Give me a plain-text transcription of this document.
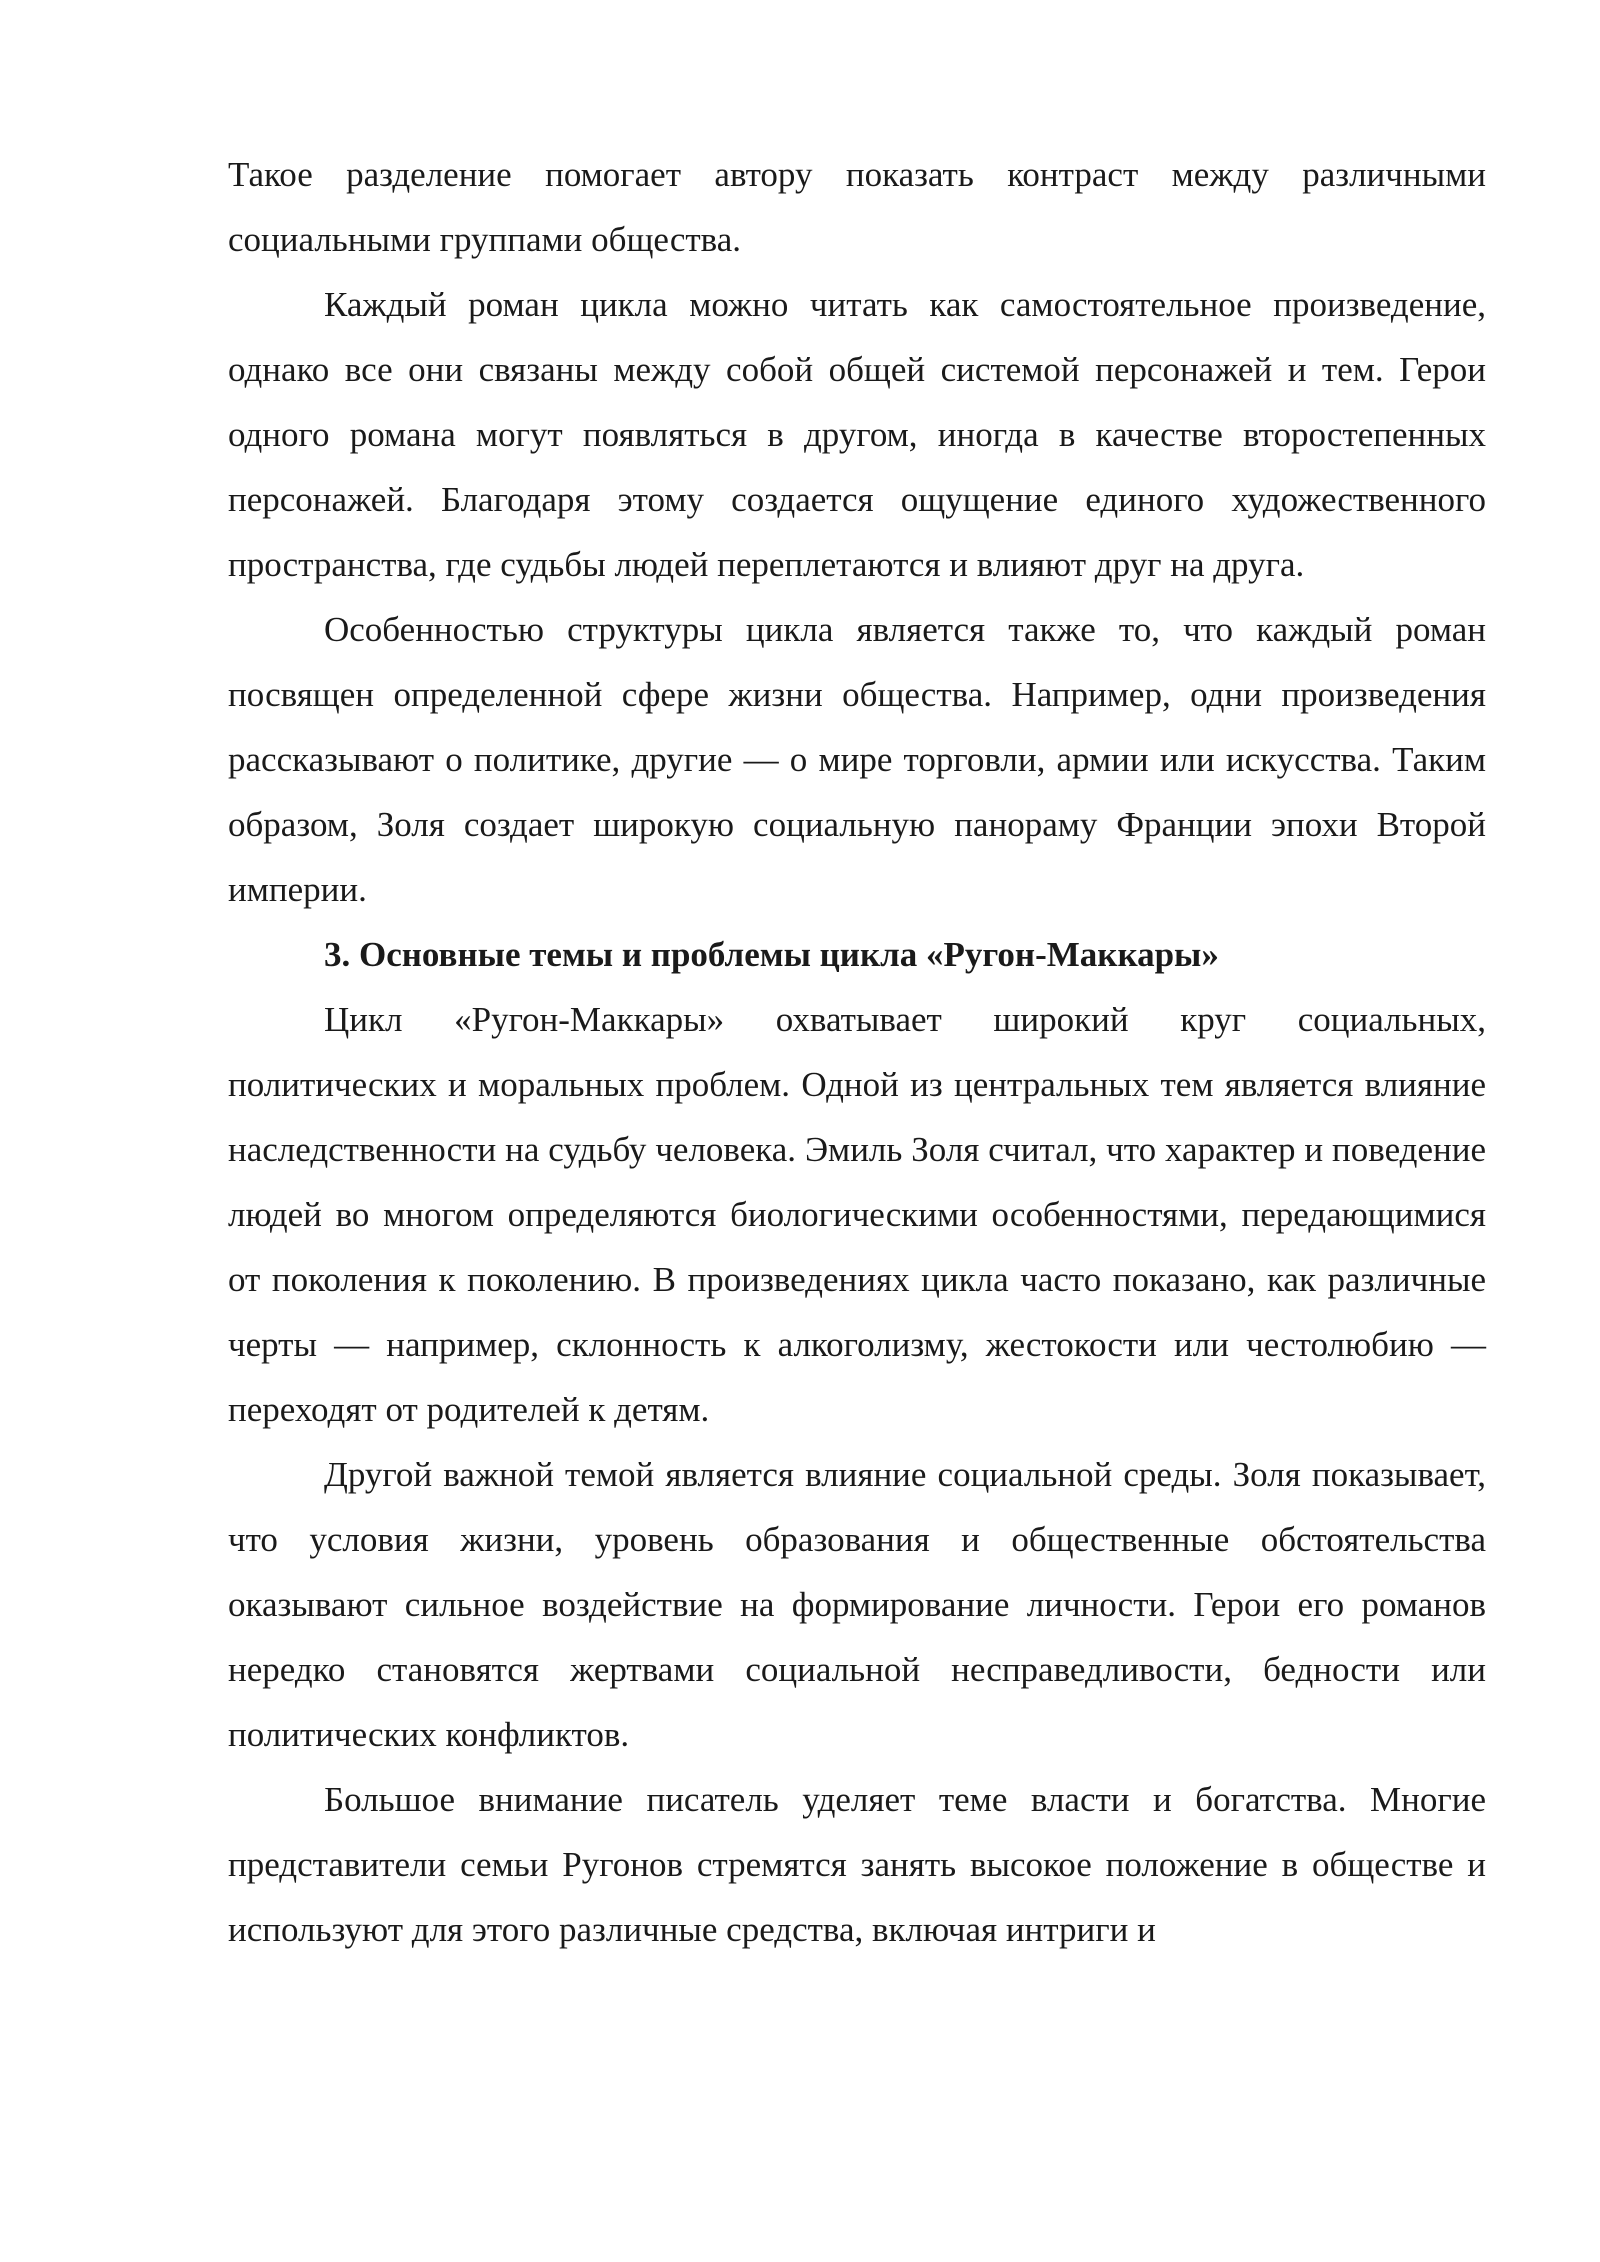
Такое разделение помогает автору показать контраст между различными социальными группами общества.

Каждый роман цикла можно читать как самостоятельное произведение, однако все они связаны между собой общей системой персонажей и тем. Герои одного романа могут появляться в другом, иногда в качестве второстепенных персонажей. Благодаря этому создается ощущение единого художественного пространства, где судьбы людей переплетаются и влияют друг на друга.

Особенностью структуры цикла является также то, что каждый роман посвящен определенной сфере жизни общества. Например, одни произведения рассказывают о политике, другие — о мире торговли, армии или искусства. Таким образом, Золя создает широкую социальную панораму Франции эпохи Второй империи.

3. Основные темы и проблемы цикла «Ругон-Маккары»

Цикл «Ругон-Маккары» охватывает широкий круг социальных, политических и моральных проблем. Одной из центральных тем является влияние наследственности на судьбу человека. Эмиль Золя считал, что характер и поведение людей во многом определяются биологическими особенностями, передающимися от поколения к поколению. В произведениях цикла часто показано, как различные черты — например, склонность к алкоголизму, жестокости или честолюбию — переходят от родителей к детям.

Другой важной темой является влияние социальной среды. Золя показывает, что условия жизни, уровень образования и общественные обстоятельства оказывают сильное воздействие на формирование личности. Герои его романов нередко становятся жертвами социальной несправедливости, бедности или политических конфликтов.

Большое внимание писатель уделяет теме власти и богатства. Многие представители семьи Ругонов стремятся занять высокое положение в обществе и используют для этого различные средства, включая интриги и
